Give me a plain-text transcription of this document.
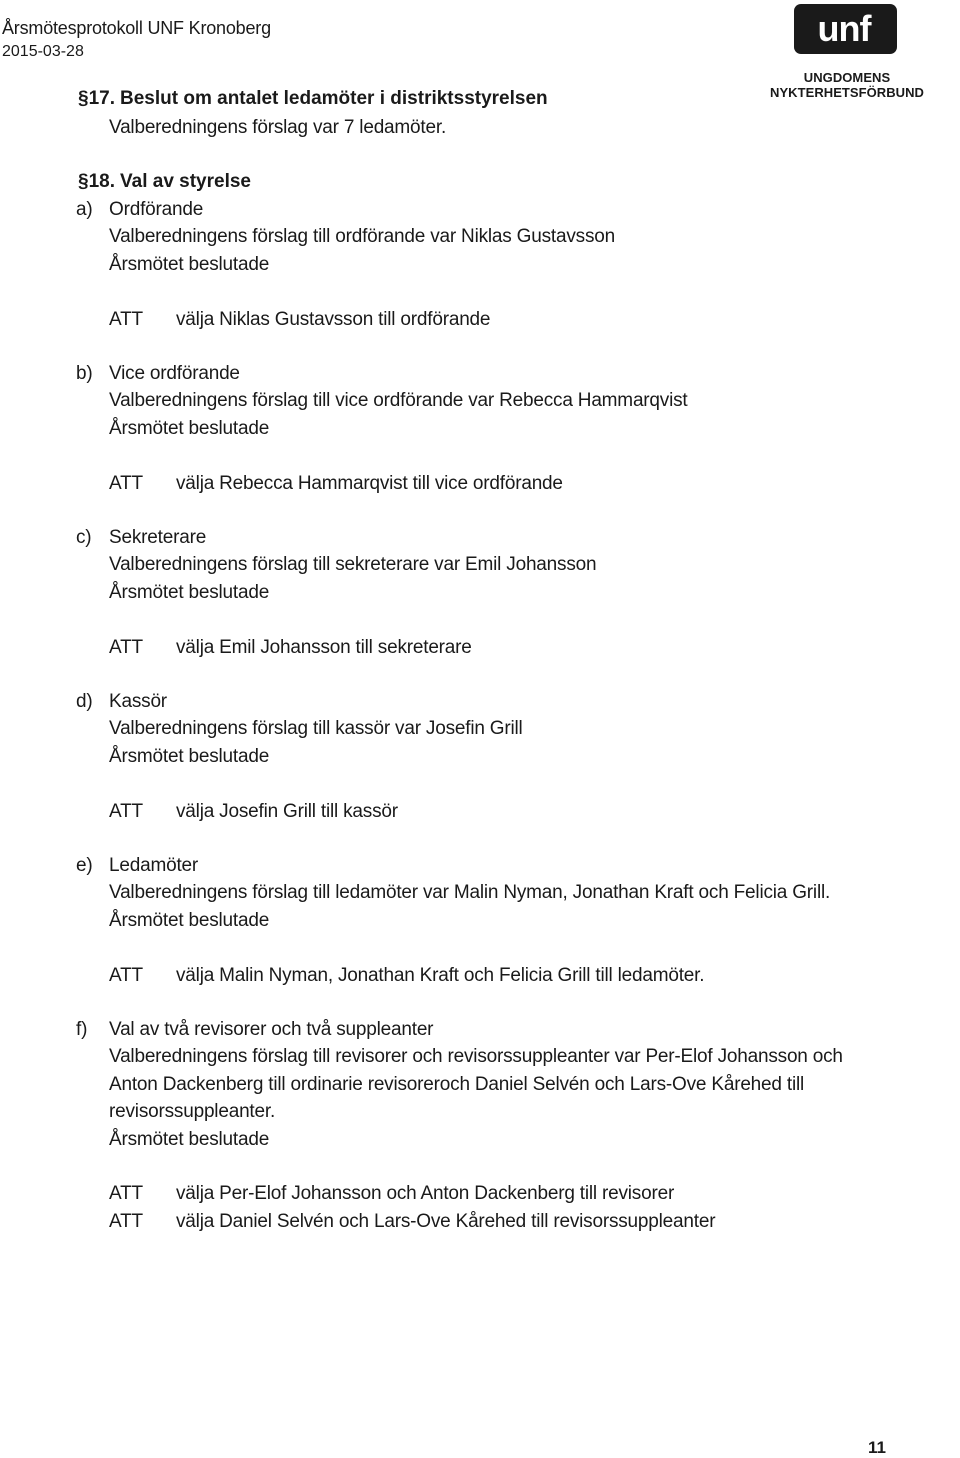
Årsmötesprotokoll UNF Kronoberg
2015-03-28
unf
UNGDOMENS NYKTERHETSFÖRBUND
§17. Beslut om antalet ledamöter i distriktsstyrelsen
Valberedningens förslag var 7 ledamöter.
§18. Val av styrelse
a) Ordförande
Valberedningens förslag till ordförande var Niklas Gustavsson
Årsmötet beslutade
ATT välja Niklas Gustavsson till ordförande
b) Vice ordförande
Valberedningens förslag till vice ordförande var Rebecca Hammarqvist
Årsmötet beslutade
ATT välja Rebecca Hammarqvist till vice ordförande
c) Sekreterare
Valberedningens förslag till sekreterare var Emil Johansson
Årsmötet beslutade
ATT välja Emil Johansson till sekreterare
d) Kassör
Valberedningens förslag till kassör var Josefin Grill
Årsmötet beslutade
ATT välja Josefin Grill till kassör
e) Ledamöter
Valberedningens förslag till ledamöter var Malin Nyman, Jonathan Kraft och Felicia Grill.
Årsmötet beslutade
ATT välja Malin Nyman, Jonathan Kraft och Felicia Grill till ledamöter.
f) Val av två revisorer och två suppleanter
Valberedningens förslag till revisorer och revisorssuppleanter var Per-Elof Johansson och
Anton Dackenberg till ordinarie revisoreroch Daniel Selvén och Lars-Ove Kårehed till
revisorssuppleanter.
Årsmötet beslutade
ATT välja Per-Elof Johansson och Anton Dackenberg till revisorer
ATT välja Daniel Selvén och Lars-Ove Kårehed till revisorssuppleanter
11
